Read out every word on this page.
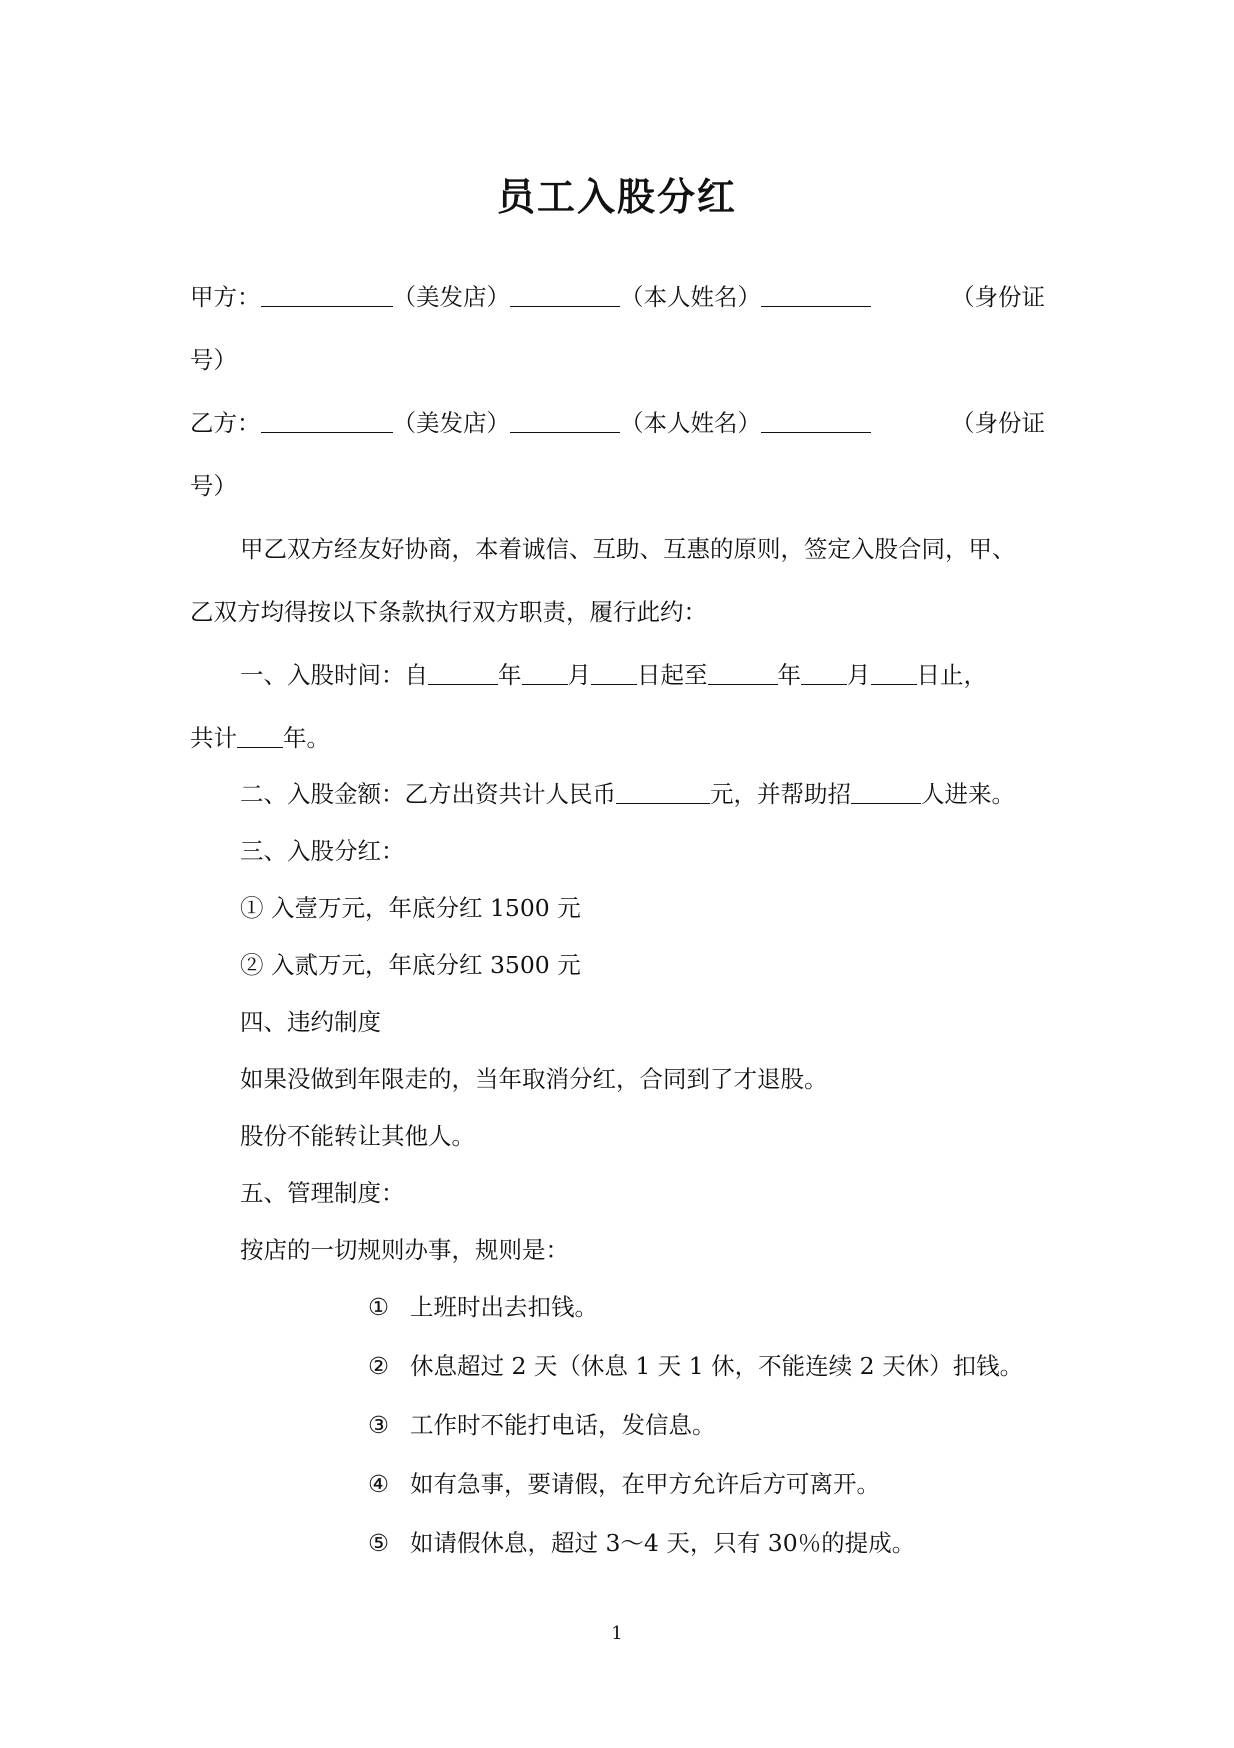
员工入股分红
甲方：	（美发店）	（本人姓名）	（身份证
号）
乙方：	（美发店）	（本人姓名）	（身份证
号）
甲乙双方经友好协商，本着诚信、互助、互惠的原则，签定入股合同，甲、
乙双方均得按以下条款执行双方职责，履行此约：
一、入股时间：自	年 月 日起至	年 月 日止，
共计 年。
二、入股金额：乙方出资共计人民币	元，并帮助招	人进来。
三、入股分红：
① 入壹万元，年底分红 1500 元
② 入贰万元，年底分红 3500 元
四、违约制度
如果没做到年限走的，当年取消分红，合同到了才退股。
股份不能转让其他人。
五、管理制度：
按店的一切规则办事，规则是：
① 上班时出去扣钱。
② 休息超过 2 天（休息 1 天 1 休，不能连续 2 天休）扣钱。
③ 工作时不能打电话，发信息。
④ 如有急事，要请假，在甲方允许后方可离开。
⑤ 如请假休息，超过 3～4 天，只有 30％的提成。
1
